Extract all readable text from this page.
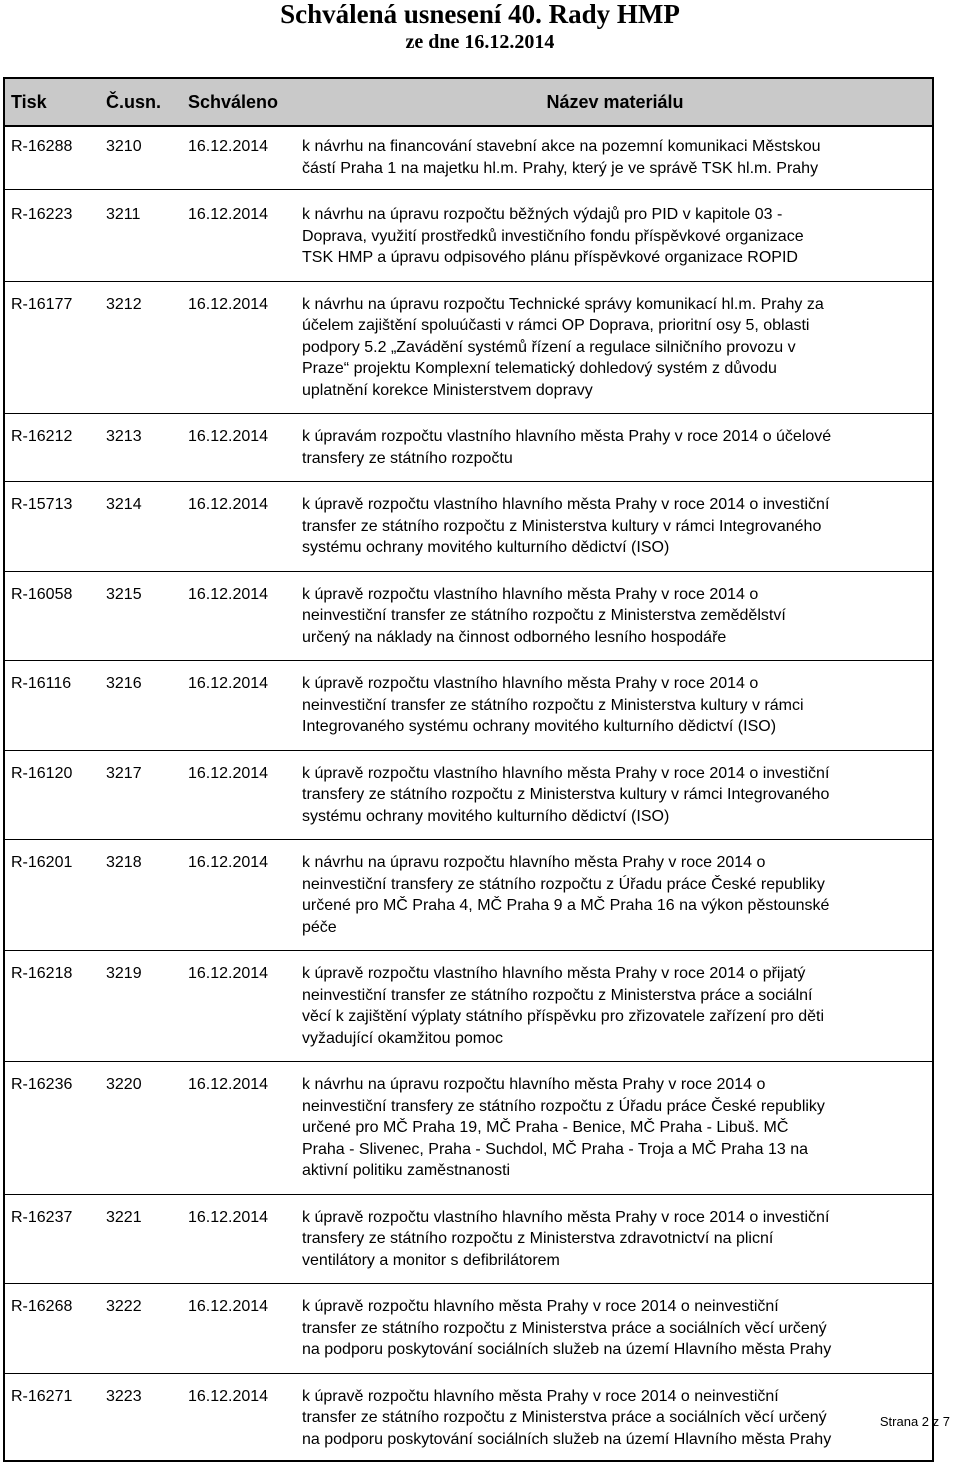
Schválená usnesení 40. Rady HMP
ze dne 16.12.2014
Tisk	Č.usn.	Schváleno	Název materiálu
R-16288	3210	16.12.2014	k návrhu na financování stavební akce na pozemní komunikaci Městskou
částí Praha 1 na majetku hl.m. Prahy, který je ve správě TSK hl.m. Prahy

R-16223	3211	16.12.2014	k návrhu na úpravu rozpočtu běžných výdajů pro PID v kapitole 03 -
Doprava, využití prostředků investičního fondu příspěvkové organizace
TSK HMP a úpravu odpisového plánu příspěvkové organizace ROPID

R-16177	3212	16.12.2014	k návrhu na úpravu rozpočtu Technické správy komunikací hl.m. Prahy za
účelem zajištění spoluúčasti v rámci OP Doprava, prioritní osy 5, oblasti
podpory 5.2 „Zavádění systémů řízení a regulace silničního provozu v
Praze“ projektu Komplexní telematický dohledový systém z důvodu
uplatnění korekce Ministerstvem dopravy

R-16212	3213	16.12.2014	k úpravám rozpočtu vlastního hlavního města Prahy v roce 2014 o účelové
transfery ze státního rozpočtu

R-15713	3214	16.12.2014	k úpravě rozpočtu vlastního hlavního města Prahy v roce 2014 o investiční
transfer ze státního rozpočtu z Ministerstva kultury v rámci Integrovaného
systému ochrany movitého kulturního dědictví (ISO)

R-16058	3215	16.12.2014	k úpravě rozpočtu vlastního hlavního města Prahy v roce 2014 o
neinvestiční transfer ze státního rozpočtu z Ministerstva zemědělství
určený na náklady na činnost odborného lesního hospodáře

R-16116	3216	16.12.2014	k úpravě rozpočtu vlastního hlavního města Prahy v roce 2014 o
neinvestiční transfer ze státního rozpočtu z Ministerstva kultury v rámci
Integrovaného systému ochrany movitého kulturního dědictví (ISO)

R-16120	3217	16.12.2014	k úpravě rozpočtu vlastního hlavního města Prahy v roce 2014 o investiční
transfery ze státního rozpočtu z Ministerstva kultury v rámci Integrovaného
systému ochrany movitého kulturního dědictví (ISO)

R-16201	3218	16.12.2014	k návrhu na úpravu rozpočtu hlavního města Prahy v roce 2014 o
neinvestiční transfery ze státního rozpočtu z Úřadu práce České republiky
určené pro MČ Praha 4, MČ Praha 9 a MČ Praha 16 na výkon pěstounské
péče

R-16218	3219	16.12.2014	k úpravě rozpočtu vlastního hlavního města Prahy v roce 2014 o přijatý
neinvestiční transfer ze státního rozpočtu z Ministerstva práce a sociální
věcí k zajištění výplaty státního příspěvku pro zřizovatele zařízení pro děti
vyžadující okamžitou pomoc

R-16236	3220	16.12.2014	k návrhu na úpravu rozpočtu hlavního města Prahy v roce 2014 o
neinvestiční transfery ze státního rozpočtu z Úřadu práce České republiky
určené pro MČ Praha 19, MČ Praha - Benice, MČ Praha - Libuš. MČ
Praha - Slivenec, Praha - Suchdol, MČ Praha - Troja a MČ Praha 13 na
aktivní politiku zaměstnanosti

R-16237	3221	16.12.2014	k úpravě rozpočtu vlastního hlavního města Prahy v roce 2014 o investiční
transfery ze státního rozpočtu z Ministerstva zdravotnictví na plicní
ventilátory a monitor s defibrilátorem

R-16268	3222	16.12.2014	k úpravě rozpočtu hlavního města Prahy v roce 2014 o neinvestiční
transfer ze státního rozpočtu z Ministerstva práce a sociálních věcí určený
na podporu poskytování sociálních služeb na území Hlavního města Prahy

R-16271	3223	16.12.2014	k úpravě rozpočtu hlavního města Prahy v roce 2014 o neinvestiční
transfer ze státního rozpočtu z Ministerstva práce a sociálních věcí určený
na podporu poskytování sociálních služeb na území Hlavního města Prahy
Strana 2 z 7
